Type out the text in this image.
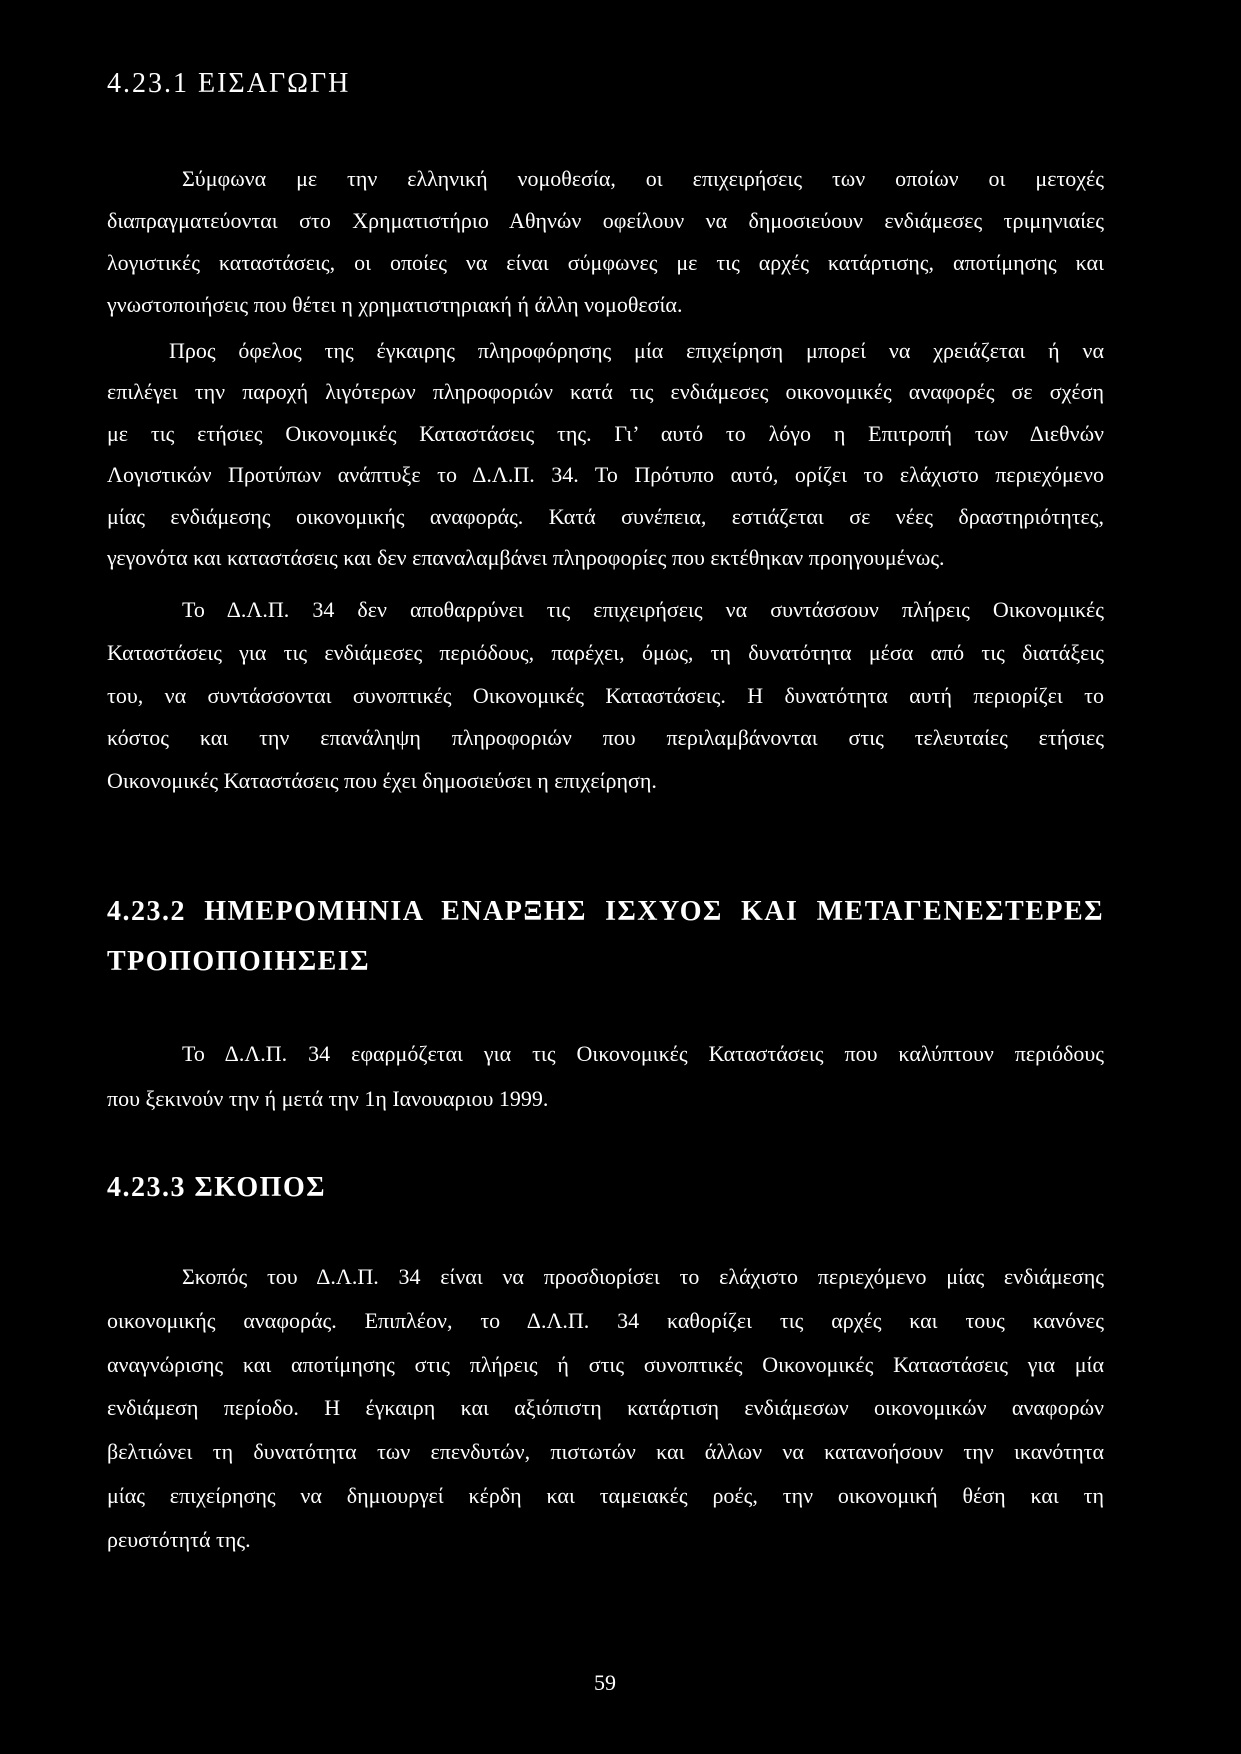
4.23.1 ΕΙΣΑΓΩΓΗ
Σύμφωνα με την ελληνική νομοθεσία, οι επιχειρήσεις των οποίων οι μετοχές
διαπραγματεύονται στο Χρηματιστήριο Αθηνών οφείλουν να δημοσιεύουν ενδιάμεσες τριμηνιαίες
λογιστικές καταστάσεις, οι οποίες να είναι σύμφωνες με τις αρχές κατάρτισης, αποτίμησης και
γνωστοποιήσεις που θέτει η χρηματιστηριακή ή άλλη νομοθεσία.
Προς όφελος της έγκαιρης πληροφόρησης μία επιχείρηση μπορεί να χρειάζεται ή να
επιλέγει την παροχή λιγότερων πληροφοριών κατά τις ενδιάμεσες οικονομικές αναφορές σε σχέση
με τις ετήσιες Οικονομικές Καταστάσεις της. Γι’ αυτό το λόγο η Επιτροπή των Διεθνών
Λογιστικών Προτύπων ανάπτυξε το Δ.Λ.Π. 34. Το Πρότυπο αυτό, ορίζει το ελάχιστο περιεχόμενο
μίας ενδιάμεσης οικονομικής αναφοράς. Κατά συνέπεια, εστιάζεται σε νέες δραστηριότητες,
γεγονότα και καταστάσεις και δεν επαναλαμβάνει πληροφορίες που εκτέθηκαν προηγουμένως.
Το Δ.Λ.Π. 34 δεν αποθαρρύνει τις επιχειρήσεις να συντάσσουν πλήρεις Οικονομικές
Καταστάσεις για τις ενδιάμεσες περιόδους, παρέχει, όμως, τη δυνατότητα μέσα από τις διατάξεις
του, να συντάσσονται συνοπτικές Οικονομικές Καταστάσεις. Η δυνατότητα αυτή περιορίζει το
κόστος και την επανάληψη πληροφοριών που περιλαμβάνονται στις τελευταίες ετήσιες
Οικονομικές Καταστάσεις που έχει δημοσιεύσει η επιχείρηση.
4.23.2 ΗΜΕΡΟΜΗΝΙΑ ΕΝΑΡΞΗΣ ΙΣΧΥΟΣ ΚΑΙ ΜΕΤΑΓΕΝΕΣΤΕΡΕΣ
ΤΡΟΠΟΠΟΙΗΣΕΙΣ
Το Δ.Λ.Π. 34 εφαρμόζεται για τις Οικονομικές Καταστάσεις που καλύπτουν περιόδους
που ξεκινούν την ή μετά την 1η Ιανουαριου 1999.
4.23.3 ΣΚΟΠΟΣ
Σκοπός του Δ.Λ.Π. 34 είναι να προσδιορίσει το ελάχιστο περιεχόμενο μίας ενδιάμεσης
οικονομικής αναφοράς. Επιπλέον, το Δ.Λ.Π. 34 καθορίζει τις αρχές και τους κανόνες
αναγνώρισης και αποτίμησης στις πλήρεις ή στις συνοπτικές Οικονομικές Καταστάσεις για μία
ενδιάμεση περίοδο. Η έγκαιρη και αξιόπιστη κατάρτιση ενδιάμεσων οικονομικών αναφορών
βελτιώνει τη δυνατότητα των επενδυτών, πιστωτών και άλλων να κατανοήσουν την ικανότητα
μίας επιχείρησης να δημιουργεί κέρδη και ταμειακές ροές, την οικονομική θέση και τη
ρευστότητά της.
59
